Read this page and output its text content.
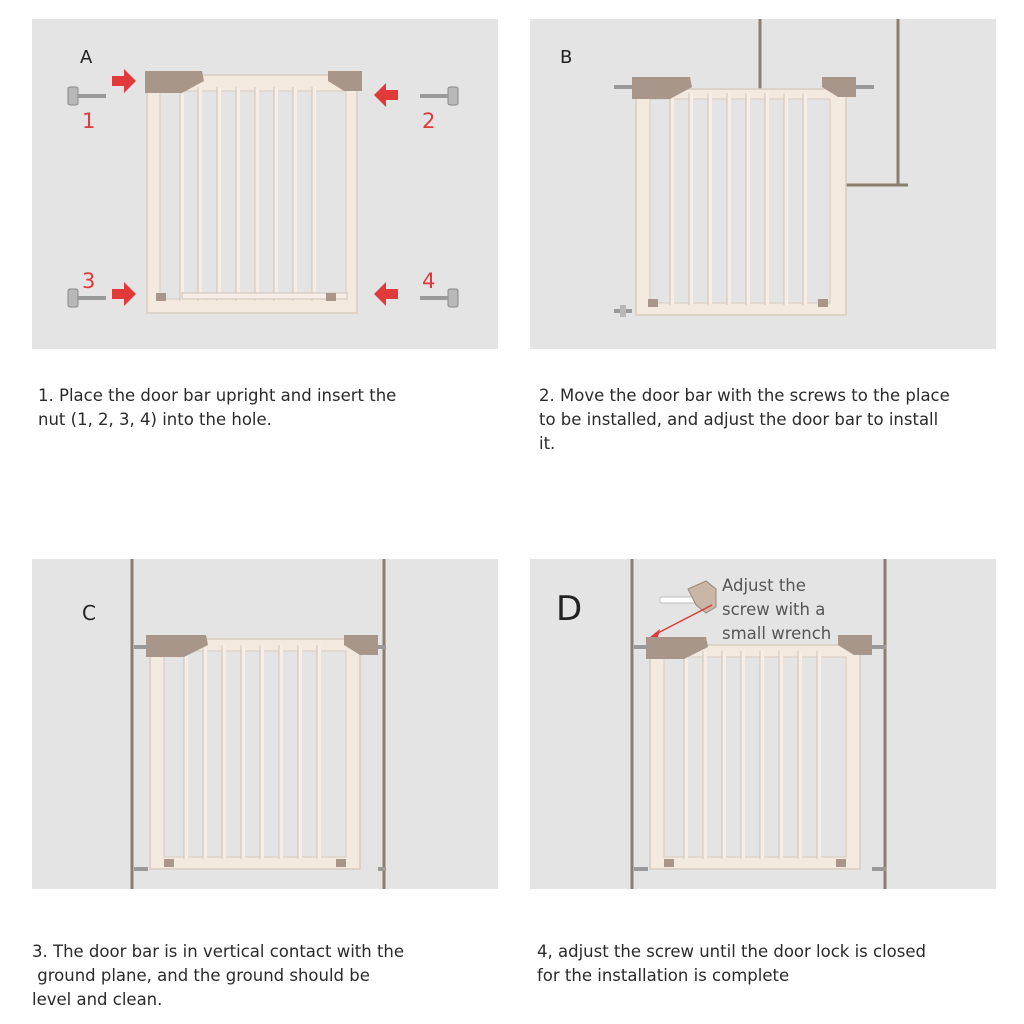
A
1	2
3	4
B

1. Place the door bar upright and insert the
nut (1, 2, 3, 4) into the hole.

2. Move the door bar with the screws to the place
to be installed, and adjust the door bar to install
it.

C	D
Adjust the
screw with a
small wrench

3. The door bar is in vertical contact with the
ground plane, and the ground should be
level and clean.

4, adjust the screw until the door lock is closed
for the installation is complete
